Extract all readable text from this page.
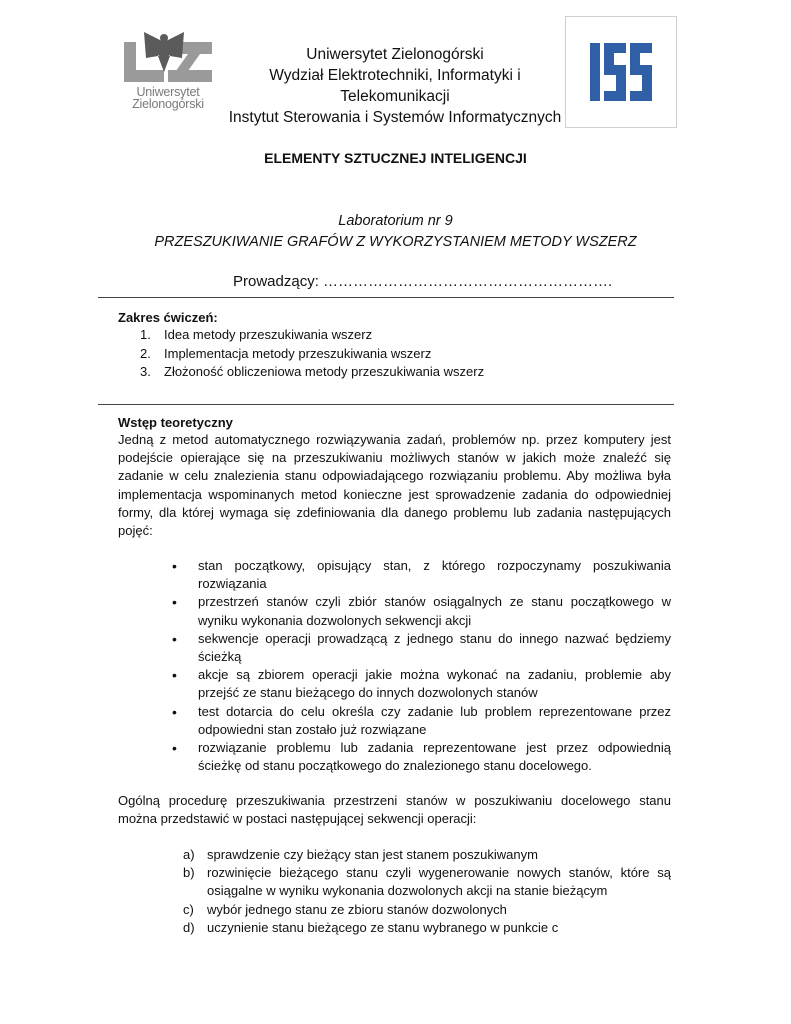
Uniwersytet
Zielonogórski
Uniwersytet Zielonogórski
Wydział Elektrotechniki, Informatyki i
Telekomunikacji
Instytut Sterowania i Systemów Informatycznych
ELEMENTY SZTUCZNEJ INTELIGENCJI
Laboratorium nr 9
PRZESZUKIWANIE GRAFÓW Z WYKORZYSTANIEM METODY WSZERZ
Prowadzący: ………………………………………………….
Zakres ćwiczeń:
1. Idea metody przeszukiwania wszerz
2. Implementacja metody przeszukiwania wszerz
3. Złożoność obliczeniowa metody przeszukiwania wszerz
Wstęp teoretyczny
Jedną z metod automatycznego rozwiązywania zadań, problemów np. przez komputery jest podejście opierające się na przeszukiwaniu możliwych stanów w jakich może znaleźć się zadanie w celu znalezienia stanu odpowiadającego rozwiązaniu problemu. Aby możliwa była implementacja wspominanych metod konieczne jest sprowadzenie zadania do odpowiedniej formy, dla której wymaga się zdefiniowania dla danego problemu lub zadania następujących pojęć:
• stan początkowy, opisujący stan, z którego rozpoczynamy poszukiwania rozwiązania
• przestrzeń stanów czyli zbiór stanów osiągalnych ze stanu początkowego w wyniku wykonania dozwolonych sekwencji akcji
• sekwencje operacji prowadzącą z jednego stanu do innego nazwać będziemy ścieżką
• akcje są zbiorem operacji jakie można wykonać na zadaniu, problemie aby przejść ze stanu bieżącego do innych dozwolonych stanów
• test dotarcia do celu określa czy zadanie lub problem reprezentowane przez odpowiedni stan zostało już rozwiązane
• rozwiązanie problemu lub zadania reprezentowane jest przez odpowiednią ścieżkę od stanu początkowego do znalezionego stanu docelowego.
Ogólną procedurę przeszukiwania przestrzeni stanów w poszukiwaniu docelowego stanu można przedstawić w postaci następującej sekwencji operacji:
a) sprawdzenie czy bieżący stan jest stanem poszukiwanym
b) rozwinięcie bieżącego stanu czyli wygenerowanie nowych stanów, które są osiągalne w wyniku wykonania dozwolonych akcji na stanie bieżącym
c) wybór jednego stanu ze zbioru stanów dozwolonych
d) uczynienie stanu bieżącego ze stanu wybranego w punkcie c
